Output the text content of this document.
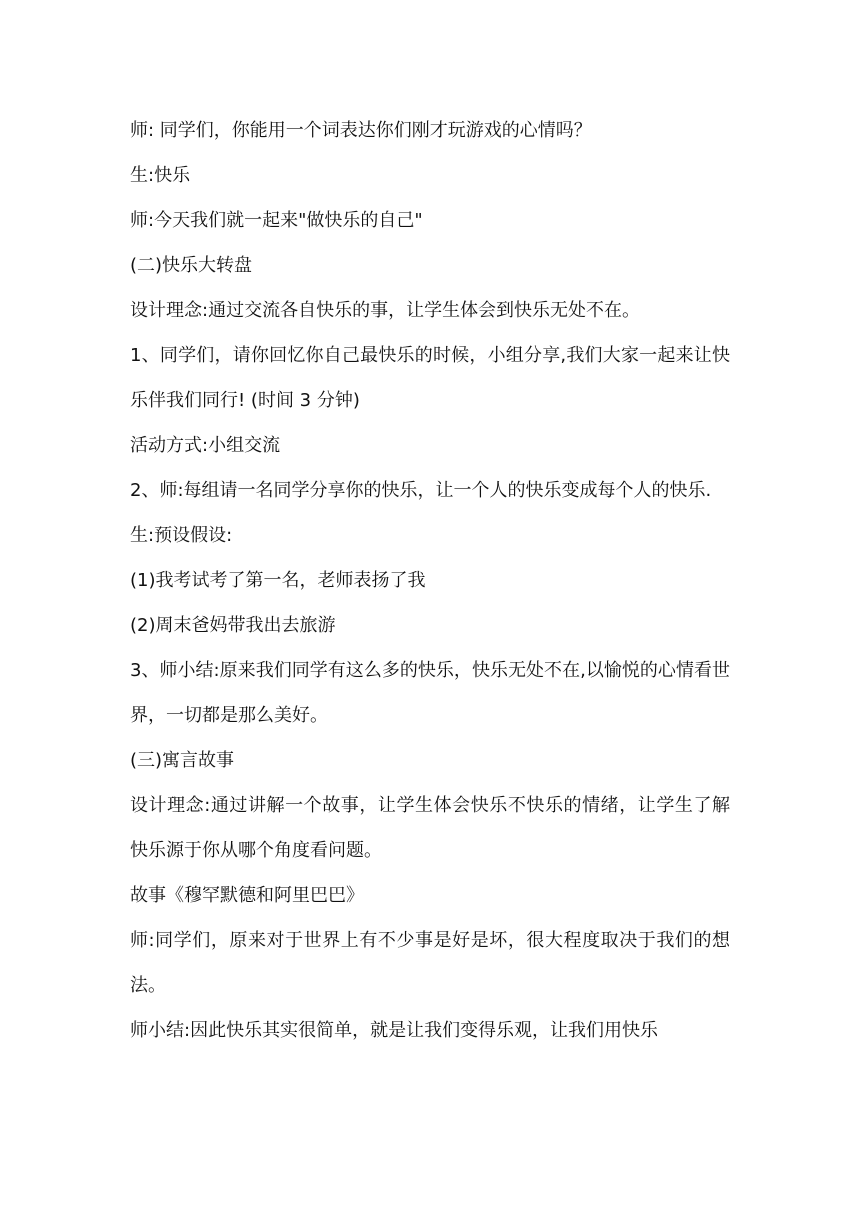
师: 同学们，你能用一个词表达你们刚才玩游戏的心情吗？

生:快乐

师:今天我们就一起来"做快乐的自己"

(二)快乐大转盘

设计理念:通过交流各自快乐的事，让学生体会到快乐无处不在。

1、同学们，请你回忆你自己最快乐的时候，小组分享,我们大家一起来让快乐伴我们同行! (时间 3 分钟)

活动方式:小组交流

2、师:每组请一名同学分享你的快乐，让一个人的快乐变成每个人的快乐.

生:预设假设:

(1)我考试考了第一名，老师表扬了我

(2)周末爸妈带我出去旅游

3、师小结:原来我们同学有这么多的快乐，快乐无处不在,以愉悦的心情看世界，一切都是那么美好。

(三)寓言故事

设计理念:通过讲解一个故事，让学生体会快乐不快乐的情绪，让学生了解快乐源于你从哪个角度看问题。

故事《穆罕默德和阿里巴巴》

师:同学们，原来对于世界上有不少事是好是坏，很大程度取决于我们的想法。

师小结:因此快乐其实很简单，就是让我们变得乐观，让我们用快乐
